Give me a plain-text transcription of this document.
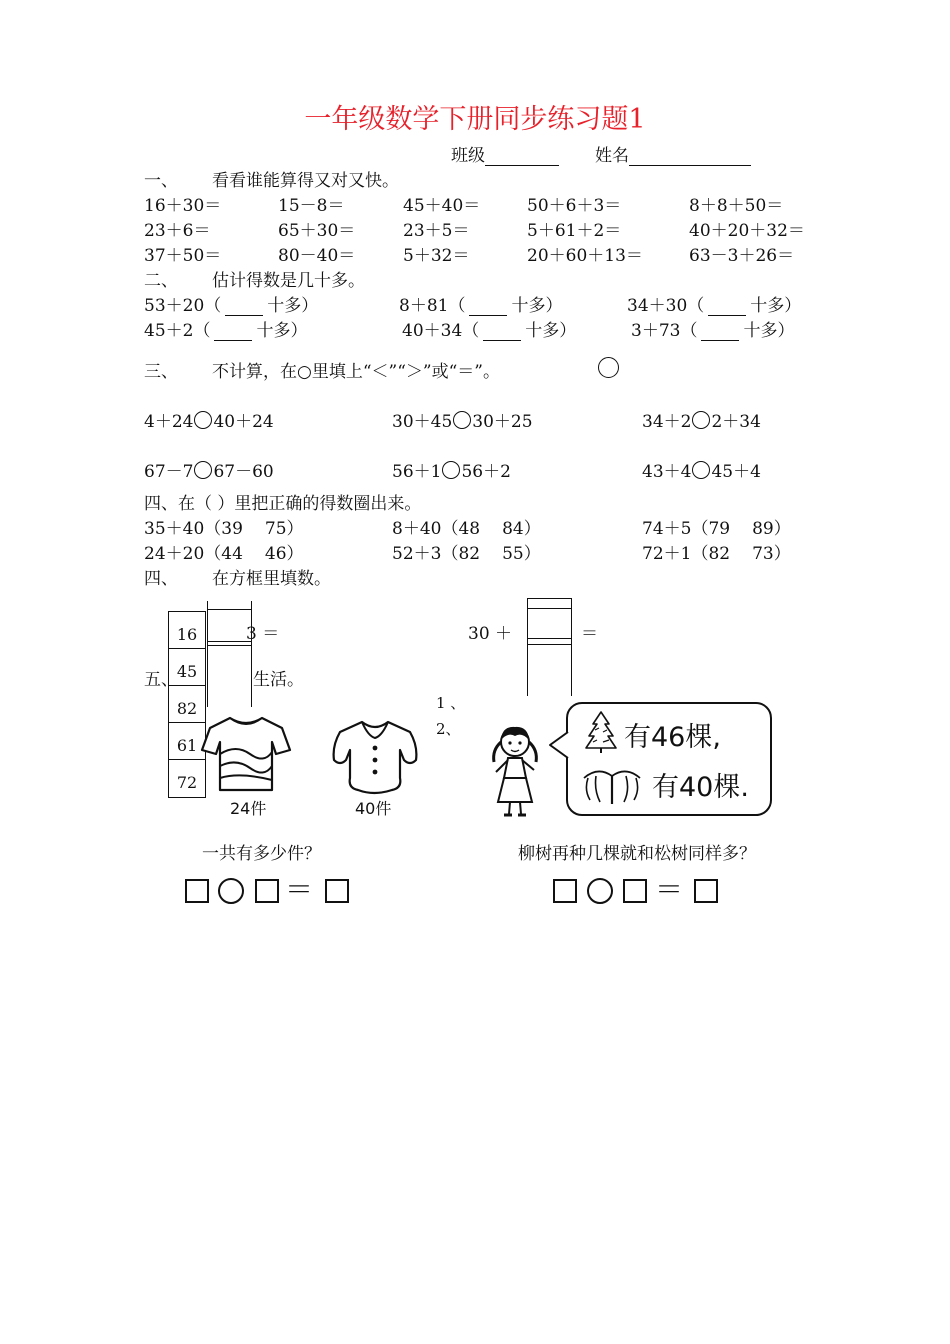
一年级数学下册同步练习题1
班级	姓名
一、 看看谁能算得又对又快。
16＋30＝	15－8＝	45＋40＝	50＋6＋3＝	8＋8＋50＝
23＋6＝	65＋30＝	23＋5＝	5＋61＋2＝	40＋20＋32＝
37＋50＝	80－40＝	5＋32＝	20＋60＋13＝	63－3＋26＝
二、 估计得数是几十多。
53＋20（	十多）	8＋81（	十多）	34＋30（	十多）
45＋2（	十多）	40＋34（	十多）	3＋73（	十多）
三、 不计算，在○里填上“＜”“＞”或“＝”。
4＋24 40＋24	30＋45 30＋25	34＋2 2＋34
67－7 67－60	56＋1 56＋2	43＋4 45＋4
四、在（ ）里把正确的得数圈出来。
35＋40（39 75）	8＋40（48 84）	74＋5（79 89）
24＋20（44 46）	52＋3（82 55）	72＋1（82 73）
四、 在方框里填数。
3 ＝
16
45
82
61
72
30 ＋	＝
五、	生活。
1 、
2、
24件	40件
有46棵,
有40棵.
一共有多少件？	柳树再种几棵就和松树同样多？
＝	＝
